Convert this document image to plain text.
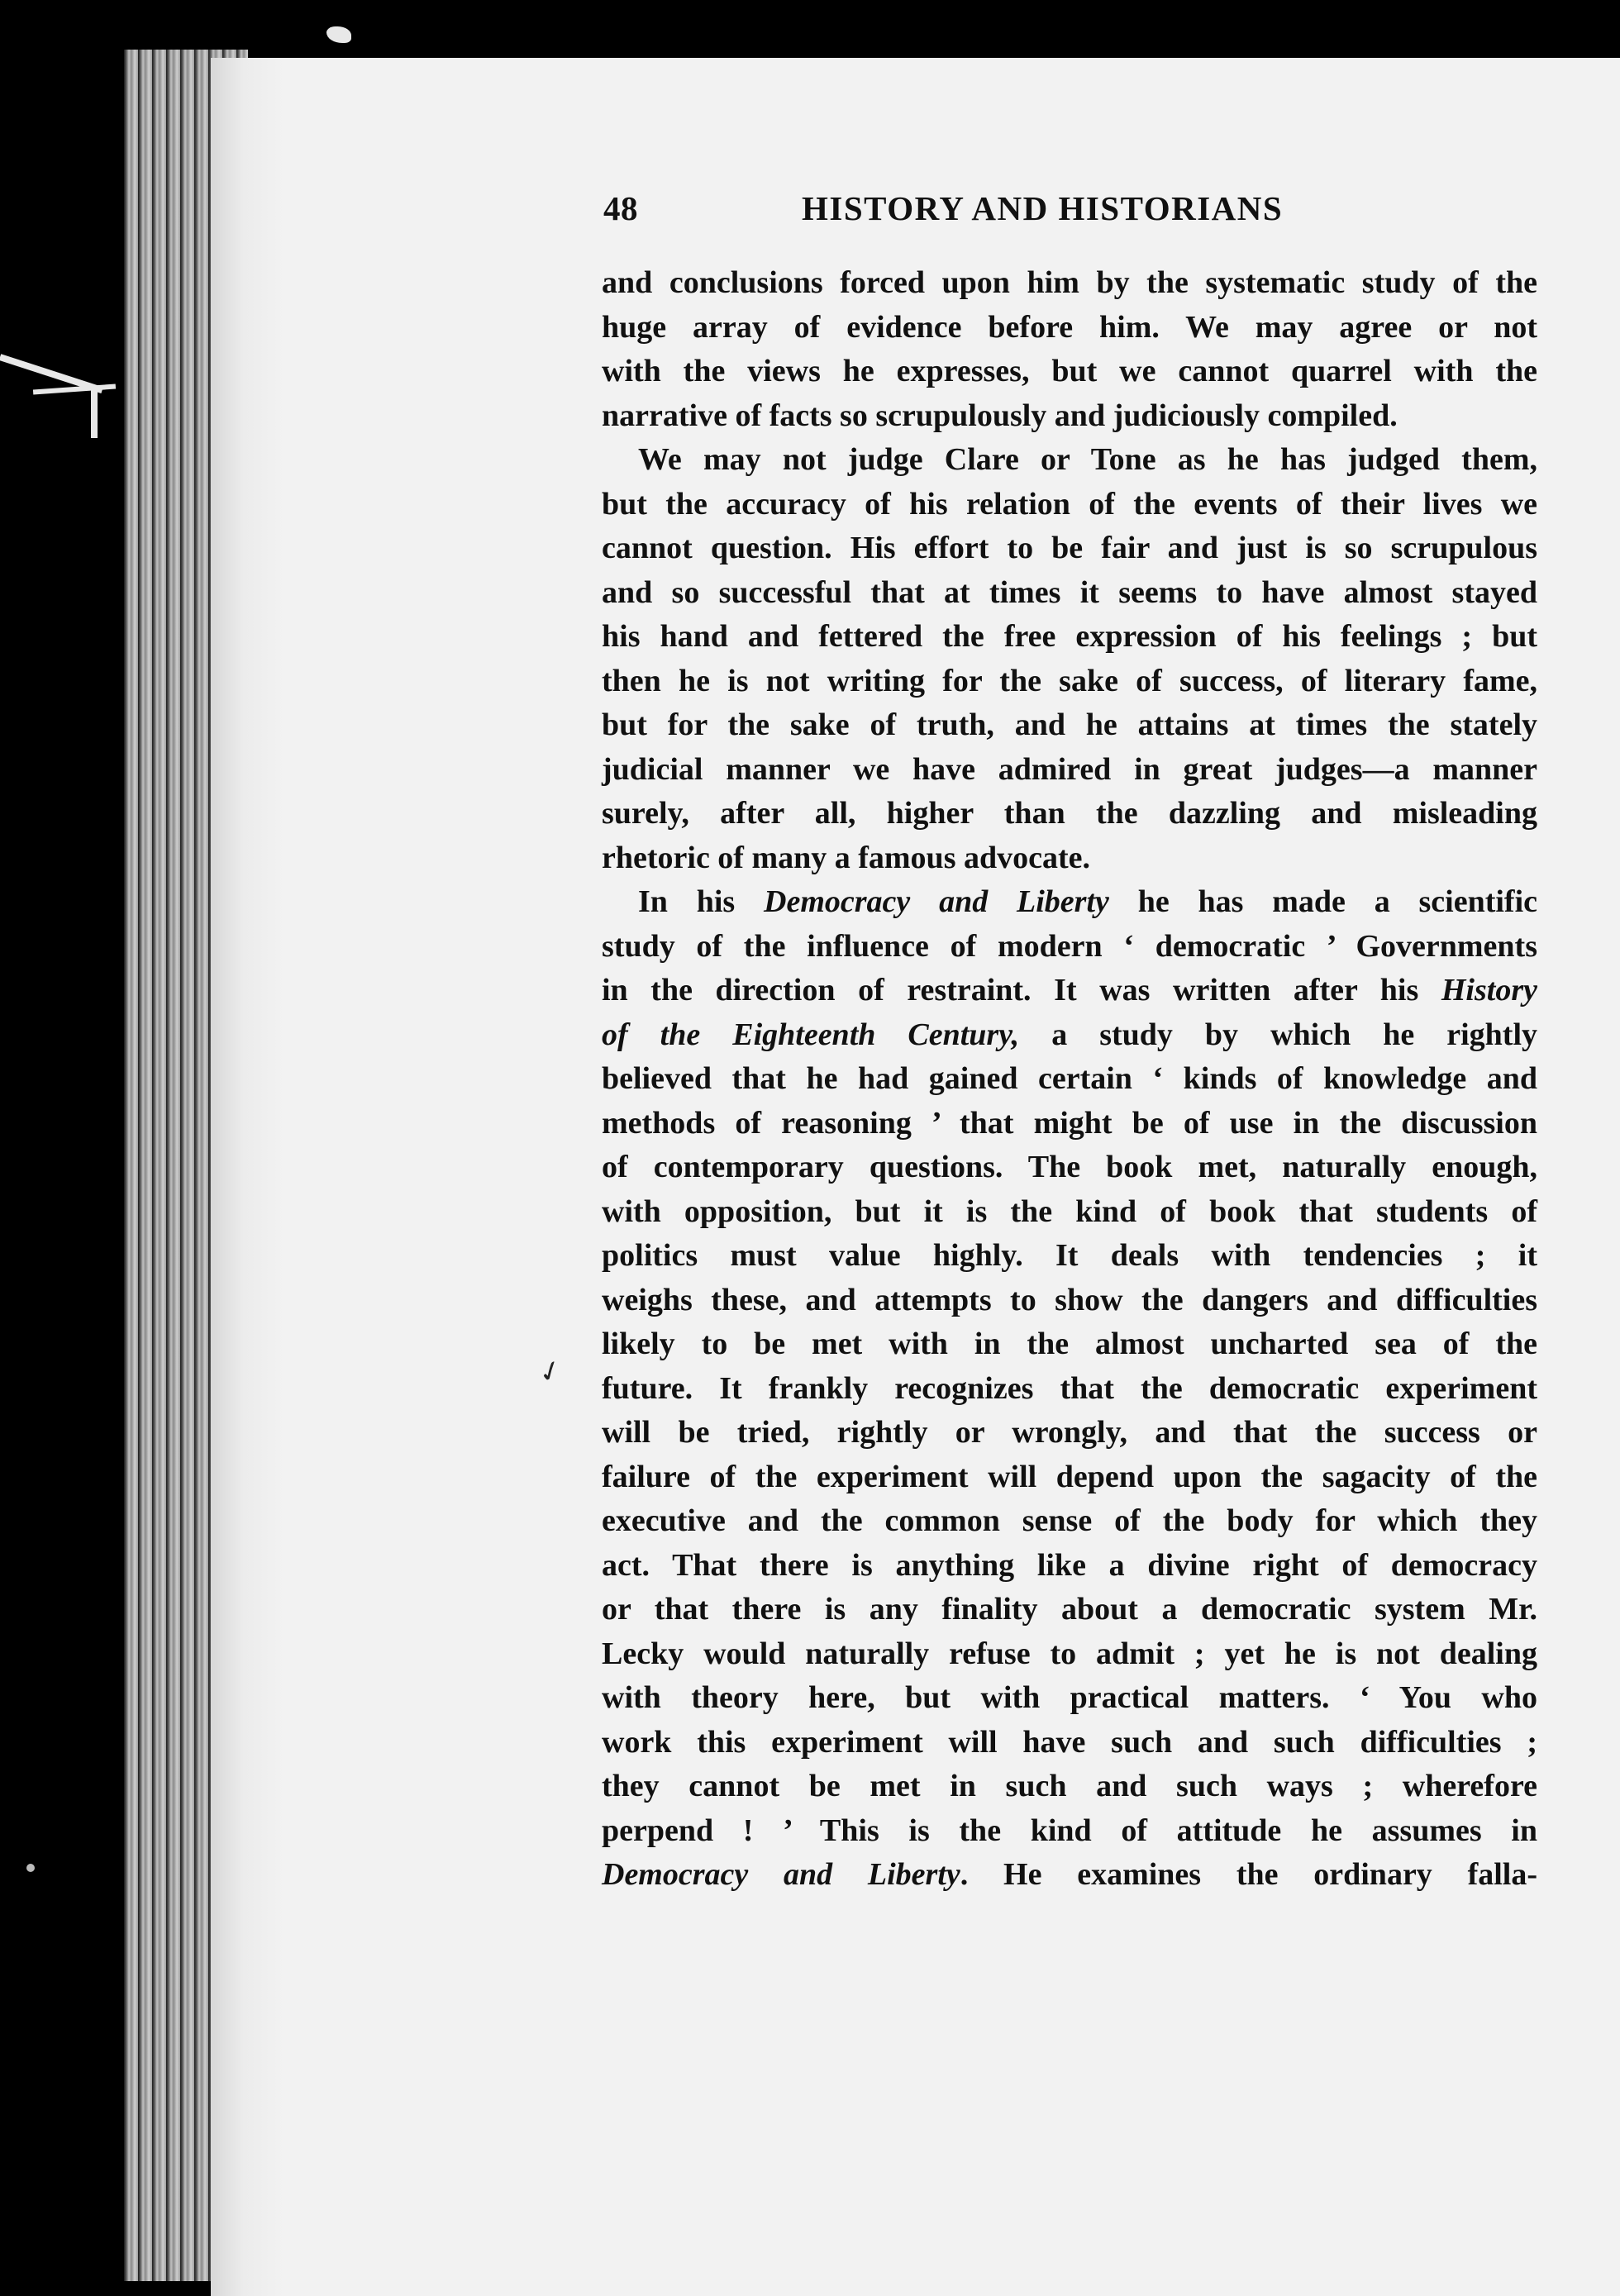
48	HISTORY AND HISTORIANS
✓

and conclusions forced upon him by the systematic study of the
huge array of evidence before him. We may agree or not
with the views he expresses, but we cannot quarrel with the
narrative of facts so scrupulously and judiciously compiled.

We may not judge Clare or Tone as he has judged them,
but the accuracy of his relation of the events of their lives we
cannot question. His effort to be fair and just is so scrupulous
and so successful that at times it seems to have almost stayed
his hand and fettered the free expression of his feelings ; but
then he is not writing for the sake of success, of literary fame,
but for the sake of truth, and he attains at times the stately
judicial manner we have admired in great judges—a manner
surely, after all, higher than the dazzling and misleading
rhetoric of many a famous advocate.

In his Democracy and Liberty he has made a scientific
study of the influence of modern ‘ democratic ’ Governments
in the direction of restraint. It was written after his History
of the Eighteenth Century, a study by which he rightly
believed that he had gained certain ‘ kinds of knowledge and
methods of reasoning ’ that might be of use in the discussion
of contemporary questions. The book met, naturally enough,
with opposition, but it is the kind of book that students of
politics must value highly. It deals with tendencies ; it
weighs these, and attempts to show the dangers and difficulties
likely to be met with in the almost uncharted sea of the
future. It frankly recognizes that the democratic experiment
will be tried, rightly or wrongly, and that the success or
failure of the experiment will depend upon the sagacity of the
executive and the common sense of the body for which they
act. That there is anything like a divine right of democracy
or that there is any finality about a democratic system Mr.
Lecky would naturally refuse to admit ; yet he is not dealing
with theory here, but with practical matters. ‘ You who
work this experiment will have such and such difficulties ;
they cannot be met in such and such ways ; wherefore
perpend ! ’ This is the kind of attitude he assumes in
Democracy and Liberty. He examines the ordinary falla-
